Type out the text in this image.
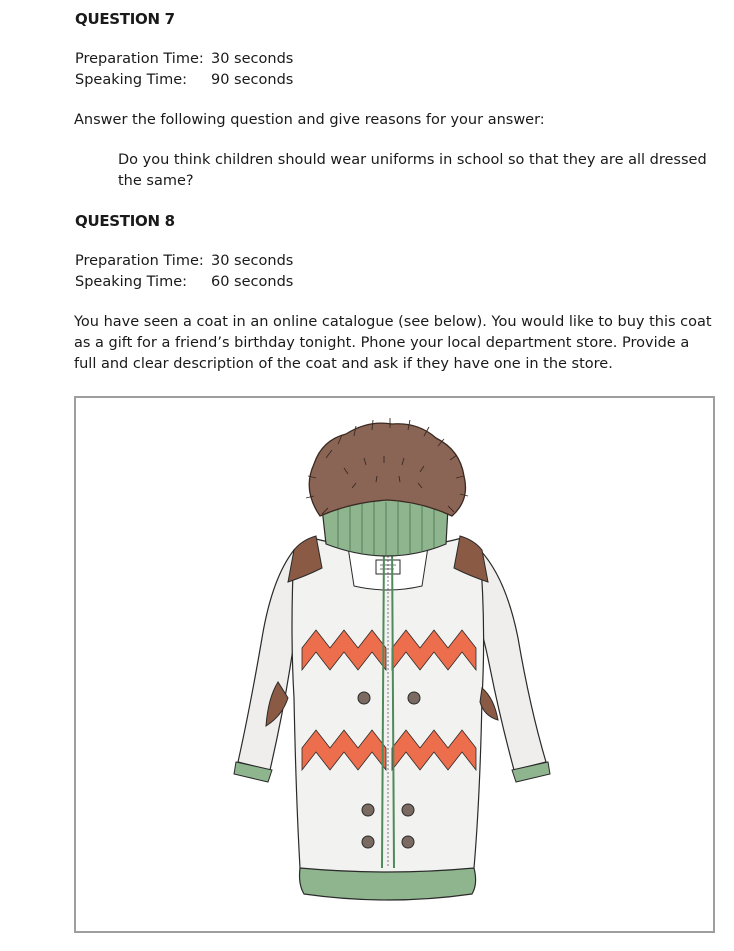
QUESTION 7

Preparation Time: 30 seconds
Speaking Time: 90 seconds

Answer the following question and give reasons for your answer:

Do you think children should wear uniforms in school so that they are all dressed the same?

QUESTION 8

Preparation Time: 30 seconds
Speaking Time: 60 seconds

You have seen a coat in an online catalogue (see below). You would like to buy this coat as a gift for a friend’s birthday tonight. Phone your local department store. Provide a full and clear description of the coat and ask if they have one in the store.
